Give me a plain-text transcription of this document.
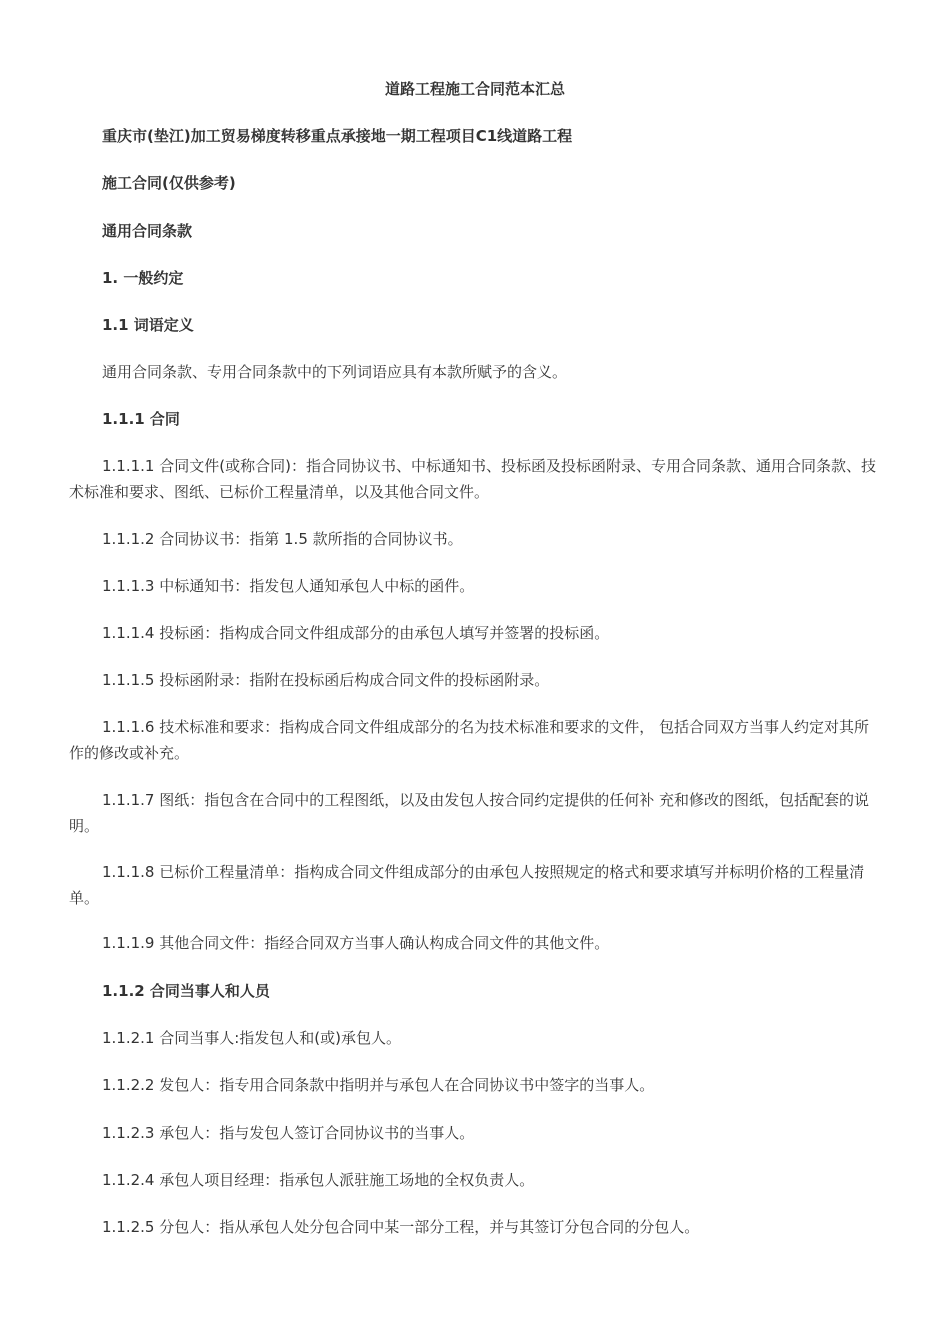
道路工程施工合同范本汇总

重庆市(垫江)加工贸易梯度转移重点承接地一期工程项目C1线道路工程

施工合同(仅供参考)

通用合同条款

1. 一般约定

1.1 词语定义

通用合同条款、专用合同条款中的下列词语应具有本款所赋予的含义。

1.1.1 合同

1.1.1.1 合同文件(或称合同)：指合同协议书、中标通知书、投标函及投标函附录、专用合同条款、通用合同条款、技术标准和要求、图纸、已标价工程量清单，以及其他合同文件。

1.1.1.2 合同协议书：指第 1.5 款所指的合同协议书。

1.1.1.3 中标通知书：指发包人通知承包人中标的函件。

1.1.1.4 投标函：指构成合同文件组成部分的由承包人填写并签署的投标函。

1.1.1.5 投标函附录：指附在投标函后构成合同文件的投标函附录。

1.1.1.6 技术标准和要求：指构成合同文件组成部分的名为技术标准和要求的文件， 包括合同双方当事人约定对其所作的修改或补充。

1.1.1.7 图纸：指包含在合同中的工程图纸，以及由发包人按合同约定提供的任何补 充和修改的图纸，包括配套的说明。

1.1.1.8 已标价工程量清单：指构成合同文件组成部分的由承包人按照规定的格式和要求填写并标明价格的工程量清单。

1.1.1.9 其他合同文件：指经合同双方当事人确认构成合同文件的其他文件。

1.1.2 合同当事人和人员

1.1.2.1 合同当事人:指发包人和(或)承包人。

1.1.2.2 发包人：指专用合同条款中指明并与承包人在合同协议书中签字的当事人。

1.1.2.3 承包人：指与发包人签订合同协议书的当事人。

1.1.2.4 承包人项目经理：指承包人派驻施工场地的全权负责人。

1.1.2.5 分包人：指从承包人处分包合同中某一部分工程，并与其签订分包合同的分包人。
